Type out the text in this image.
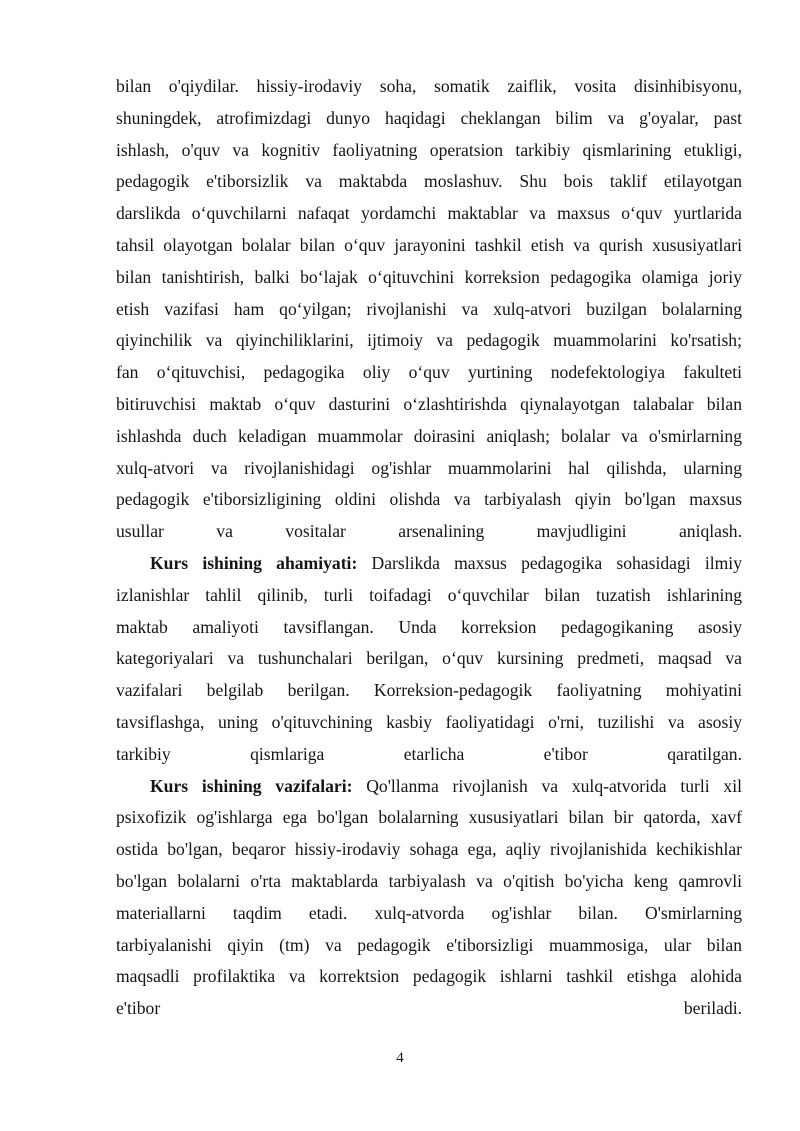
bilan o'qiydilar. hissiy-irodaviy soha, somatik zaiflik, vosita disinhibisyonu,
shuningdek, atrofimizdagi dunyo haqidagi cheklangan bilim va g'oyalar, past
ishlash, o'quv va kognitiv faoliyatning operatsion tarkibiy qismlarining etukligi,
pedagogik e'tiborsizlik va maktabda moslashuv. Shu bois taklif etilayotgan
darslikda o‘quvchilarni nafaqat yordamchi maktablar va maxsus o‘quv yurtlarida
tahsil olayotgan bolalar bilan o‘quv jarayonini tashkil etish va qurish xususiyatlari
bilan tanishtirish, balki bo‘lajak o‘qituvchini korreksion pedagogika olamiga joriy
etish vazifasi ham qo‘yilgan; rivojlanishi va xulq-atvori buzilgan bolalarning
qiyinchilik va qiyinchiliklarini, ijtimoiy va pedagogik muammolarini ko'rsatish;
fan o‘qituvchisi, pedagogika oliy o‘quv yurtining nodefektologiya fakulteti
bitiruvchisi maktab o‘quv dasturini o‘zlashtirishda qiynalayotgan talabalar bilan
ishlashda duch keladigan muammolar doirasini aniqlash; bolalar va o'smirlarning
xulq-atvori va rivojlanishidagi og'ishlar muammolarini hal qilishda, ularning
pedagogik e'tiborsizligining oldini olishda va tarbiyalash qiyin bo'lgan maxsus
usullar va vositalar arsenalining mavjudligini aniqlash.
Kurs ishining ahamiyati: Darslikda maxsus pedagogika sohasidagi ilmiy
izlanishlar tahlil qilinib, turli toifadagi o‘quvchilar bilan tuzatish ishlarining
maktab amaliyoti tavsiflangan. Unda korreksion pedagogikaning asosiy
kategoriyalari va tushunchalari berilgan, o‘quv kursining predmeti, maqsad va
vazifalari belgilab berilgan. Korreksion-pedagogik faoliyatning mohiyatini
tavsiflashga, uning o'qituvchining kasbiy faoliyatidagi o'rni, tuzilishi va asosiy
tarkibiy qismlariga etarlicha e'tibor qaratilgan.
Kurs ishining vazifalari: Qo'llanma rivojlanish va xulq-atvorida turli xil
psixofizik og'ishlarga ega bo'lgan bolalarning xususiyatlari bilan bir qatorda, xavf
ostida bo'lgan, beqaror hissiy-irodaviy sohaga ega, aqliy rivojlanishida kechikishlar
bo'lgan bolalarni o'rta maktablarda tarbiyalash va o'qitish bo'yicha keng qamrovli
materiallarni taqdim etadi. xulq-atvorda og'ishlar bilan. O'smirlarning
tarbiyalanishi qiyin (tm) va pedagogik e'tiborsizligi muammosiga, ular bilan
maqsadli profilaktika va korrektsion pedagogik ishlarni tashkil etishga alohida
e'tibor beriladi.
4
